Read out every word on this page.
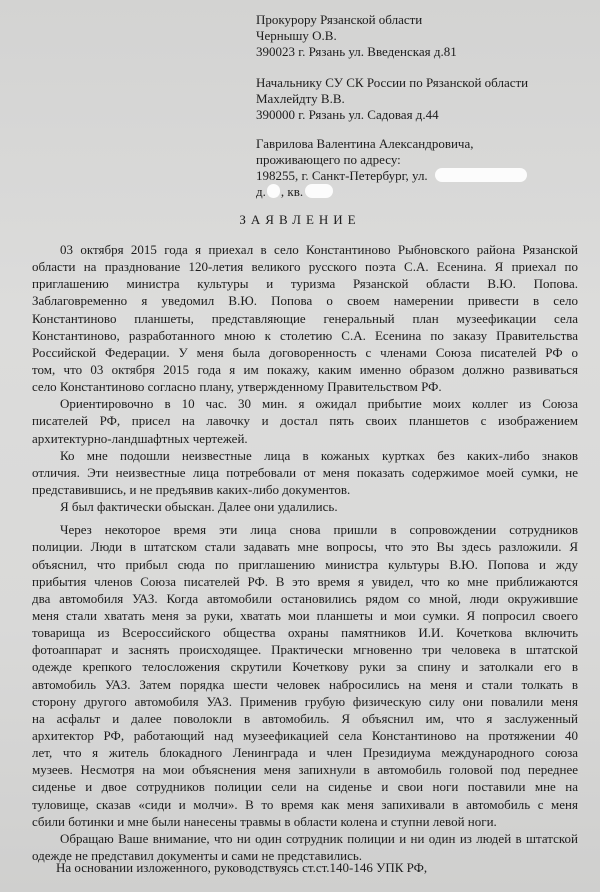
Прокурору Рязанской области
Чернышу О.В.
390023 г. Рязань ул. Введенская д.81
Начальнику СУ СК России по Рязанской области
Махлейдту В.В.
390000 г. Рязань ул. Садовая д.44
Гаврилова Валентина Александровича,
проживающего по адресу:
198255, г. Санкт-Петербург, ул.
д. , кв.
ЗАЯВЛЕНИЕ
03 октября 2015 года я приехал в село Константиново Рыбновского района Рязанской
области на празднование 120-летия великого русского поэта С.А. Есенина. Я приехал по
приглашению министра культуры и туризма Рязанской области В.Ю. Попова.
Заблаговременно я уведомил В.Ю. Попова о своем намерении привести в село
Константиново планшеты, представляющие генеральный план музеефикации села
Константиново, разработанного мною к столетию С.А. Есенина по заказу Правительства
Российской Федерации. У меня была договоренность с членами Союза писателей РФ о
том, что 03 октября 2015 года я им покажу, каким именно образом должно развиваться
село Константиново согласно плану, утвержденному Правительством РФ.
Ориентировочно в 10 час. 30 мин. я ожидал прибытие моих коллег из Союза
писателей РФ, присел на лавочку и достал пять своих планшетов с изображением
архитектурно-ландшафтных чертежей.
Ко мне подошли неизвестные лица в кожаных куртках без каких-либо знаков
отличия. Эти неизвестные лица потребовали от меня показать содержимое моей сумки, не
представившись, и не предъявив каких-либо документов.
Я был фактически обыскан. Далее они удалились.
Через некоторое время эти лица снова пришли в сопровождении сотрудников
полиции. Люди в штатском стали задавать мне вопросы, что это Вы здесь разложили. Я
объяснил, что прибыл сюда по приглашению министра культуры В.Ю. Попова и жду
прибытия членов Союза писателей РФ. В это время я увидел, что ко мне приближаются
два автомобиля УАЗ. Когда автомобили остановились рядом со мной, люди окружившие
меня стали хватать меня за руки, хватать мои планшеты и мои сумки. Я попросил своего
товарища из Всероссийского общества охраны памятников И.И. Кочеткова включить
фотоаппарат и заснять происходящее. Практически мгновенно три человека в штатской
одежде крепкого телосложения скрутили Кочеткову руки за спину и затолкали его в
автомобиль УАЗ. Затем порядка шести человек набросились на меня и стали толкать в
сторону другого автомобиля УАЗ. Применив грубую физическую силу они повалили меня
на асфальт и далее поволокли в автомобиль. Я объяснил им, что я заслуженный
архитектор РФ, работающий над музеефикацией села Константиново на протяжении 40
лет, что я житель блокадного Ленинграда и член Президиума международного союза
музеев. Несмотря на мои объяснения меня запихнули в автомобиль головой под переднее
сиденье и двое сотрудников полиции сели на сиденье и свои ноги поставили мне на
туловище, сказав «сиди и молчи». В то время как меня запихивали в автомобиль с меня
сбили ботинки и мне были нанесены травмы в области колена и ступни левой ноги.
Обращаю Ваше внимание, что ни один сотрудник полиции и ни один из людей в штатской
одежде не представил документы и сами не представились.
На основании изложенного, руководствуясь ст.ст.140-146 УПК РФ,
